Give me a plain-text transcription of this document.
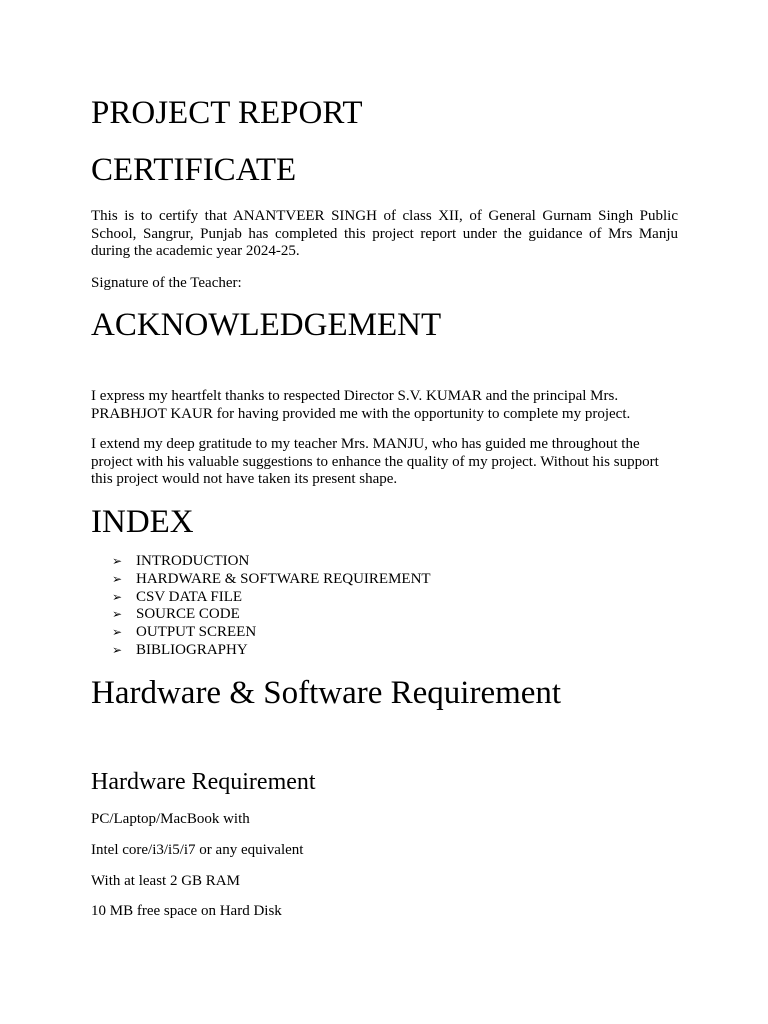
PROJECT REPORT
CERTIFICATE

This is to certify that ANANTVEER SINGH of class XII, of General Gurnam Singh Public School, Sangrur, Punjab has completed this project report under the guidance of Mrs Manju during the academic year 2024-25.

Signature of the Teacher:

ACKNOWLEDGEMENT

I express my heartfelt thanks to respected Director S.V. KUMAR and the principal Mrs. PRABHJOT KAUR for having provided me with the opportunity to complete my project.

I extend my deep gratitude to my teacher Mrs. MANJU, who has guided me throughout the project with his valuable suggestions to enhance the quality of my project. Without his support this project would not have taken its present shape.

INDEX
➢ INTRODUCTION
➢ HARDWARE & SOFTWARE REQUIREMENT
➢ CSV DATA FILE
➢ SOURCE CODE
➢ OUTPUT SCREEN
➢ BIBLIOGRAPHY
Hardware & Software Requirement
Hardware Requirement

PC/Laptop/MacBook with

Intel core/i3/i5/i7 or any equivalent

With at least 2 GB RAM

10 MB free space on Hard Disk
